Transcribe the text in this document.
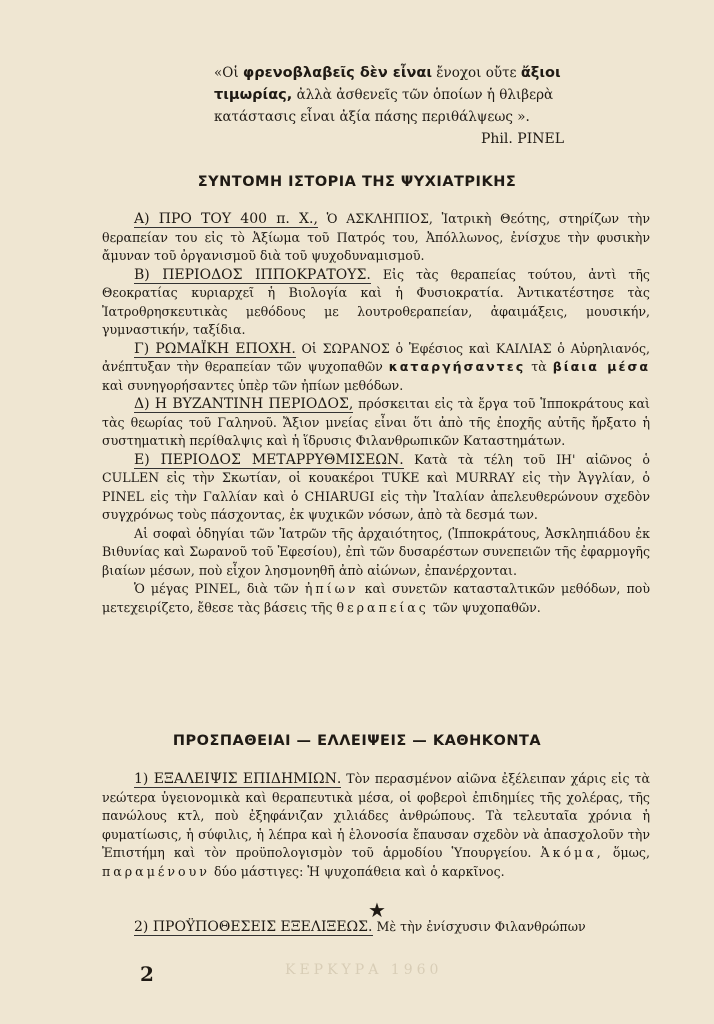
«Οἱ φρενοβλαβεῖς δὲν εἶναι ἔνοχοι οὔτε ἄξιοι
τιμωρίας, ἀλλὰ ἀσθενεῖς τῶν ὁποίων ἡ θλιβερὰ
κατάστασις εἶναι ἀξία πάσης περιθάλψεως ».
Phil. PINEL
ΣΥΝΤΟΜΗ ΙΣΤΟΡΙΑ ΤΗΣ ΨΥΧΙΑΤΡΙΚΗΣ

Α) ΠΡΟ ΤΟΥ 400 π. Χ., Ὁ ΑΣΚΛΗΠΙΟΣ, Ἰατρικὴ Θεότης, στηρίζων τὴν θεραπείαν του εἰς τὸ Ἀξίωμα τοῦ Πατρός του, Ἀπόλλωνος, ἐνίσχυε τὴν φυσικὴν ἄμυναν τοῦ ὀργανισμοῦ διὰ τοῦ ψυχοδυναμισμοῦ.

Β) ΠΕΡΙΟΔΟΣ ΙΠΠΟΚΡΑΤΟΥΣ. Εἰς τὰς θεραπείας τούτου, ἀντὶ τῆς Θεοκρατίας κυριαρχεῖ ἡ Βιολογία καὶ ἡ Φυσιοκρατία. Ἀντικατέστησε τὰς Ἰατροθρησκευτικὰς μεθόδους με λουτροθεραπείαν, ἀφαιμάξεις, μουσικήν, γυμναστικήν, ταξίδια.

Γ) ΡΩΜΑΪΚΗ ΕΠΟΧΗ. Οἱ ΣΩΡΑΝΟΣ ὁ Ἐφέσιος καὶ ΚΑΙΛΙΑΣ ὁ Αὐρηλιανός, ἀνέπτυξαν τὴν θεραπείαν τῶν ψυχοπαθῶν καταργήσαντες τὰ βίαια μέσα καὶ συνηγορήσαντες ὑπὲρ τῶν ἠπίων μεθόδων.

Δ) Η ΒΥΖΑΝΤΙΝΗ ΠΕΡΙΟΔΟΣ, πρόσκειται εἰς τὰ ἔργα τοῦ Ἱπποκράτους καὶ τὰς θεωρίας τοῦ Γαληνοῦ. Ἄξιον μνείας εἶναι ὅτι ἀπὸ τῆς ἐποχῆς αὐτῆς ἤρξατο ἡ συστηματικὴ περίθαλψις καὶ ἡ ἵδρυσις Φιλανθρωπικῶν Καταστημάτων.

Ε) ΠΕΡΙΟΔΟΣ ΜΕΤΑΡΡΥΘΜΙΣΕΩΝ. Κατὰ τὰ τέλη τοῦ ΙΗ' αἰῶνος ὁ CULLEN εἰς τὴν Σκωτίαν, οἱ κουακέροι TUKE καὶ MURRAY εἰς τὴν Ἀγγλίαν, ὁ PINEL εἰς τὴν Γαλλίαν καὶ ὁ CHIARUGI εἰς τὴν Ἰταλίαν ἀπελευθερώνουν σχεδὸν συγχρόνως τοὺς πάσχοντας, ἐκ ψυχικῶν νόσων, ἀπὸ τὰ δεσμά των.

Αἱ σοφαὶ ὁδηγίαι τῶν Ἰατρῶν τῆς ἀρχαιότητος, (Ἱπποκράτους, Ἀσκληπιάδου ἐκ Βιθυνίας καὶ Σωρανοῦ τοῦ Ἐφεσίου), ἐπὶ τῶν δυσαρέστων συνεπειῶν τῆς ἐφαρμογῆς βιαίων μέσων, ποὺ εἶχον λησμονηθῆ ἀπὸ αἰώνων, ἐπανέρχονται.

Ὁ μέγας PINEL, διὰ τῶν ἠπίων καὶ συνετῶν κατασταλτικῶν μεθόδων, ποὺ μετεχειρίζετο, ἔθεσε τὰς βάσεις τῆς θεραπείας τῶν ψυχοπαθῶν.

ΠΡΟΣΠΑΘΕΙΑΙ — ΕΛΛΕΙΨΕΙΣ — ΚΑΘΗΚΟΝΤΑ

1) ΕΞΑΛΕΙΨΙΣ ΕΠΙΔΗΜΙΩΝ. Τὸν περασμένον αἰῶνα ἐξέλειπαν χάρις εἰς τὰ νεώτερα ὑγειονομικὰ καὶ θεραπευτικὰ μέσα, οἱ φοβεροὶ ἐπιδημίες τῆς χολέρας, τῆς πανώλους κτλ, ποὺ ἐξηφάνιζαν χιλιάδες ἀνθρώπους. Τὰ τελευταῖα χρόνια ἡ φυματίωσις, ἡ σύφιλις, ἡ λέπρα καὶ ἡ ἑλονοσία ἔπαυσαν σχεδὸν νὰ ἀπασχολοῦν τὴν Ἐπιστήμη καὶ τὸν προϋπολογισμὸν τοῦ ἁρμοδίου Ὑπουργείου. Ἀκόμα, ὅμως, παραμένουν δύο μάστιγες: Ἡ ψυχοπάθεια καὶ ὁ καρκῖνος.

★

2) ΠΡΟΫΠΟΘΕΣΕΙΣ ΕΞΕΛΙΞΕΩΣ. Μὲ τὴν ἐνίσχυσιν Φιλανθρώπων

2	ΚΕΡΚΥΡΑ 1960
